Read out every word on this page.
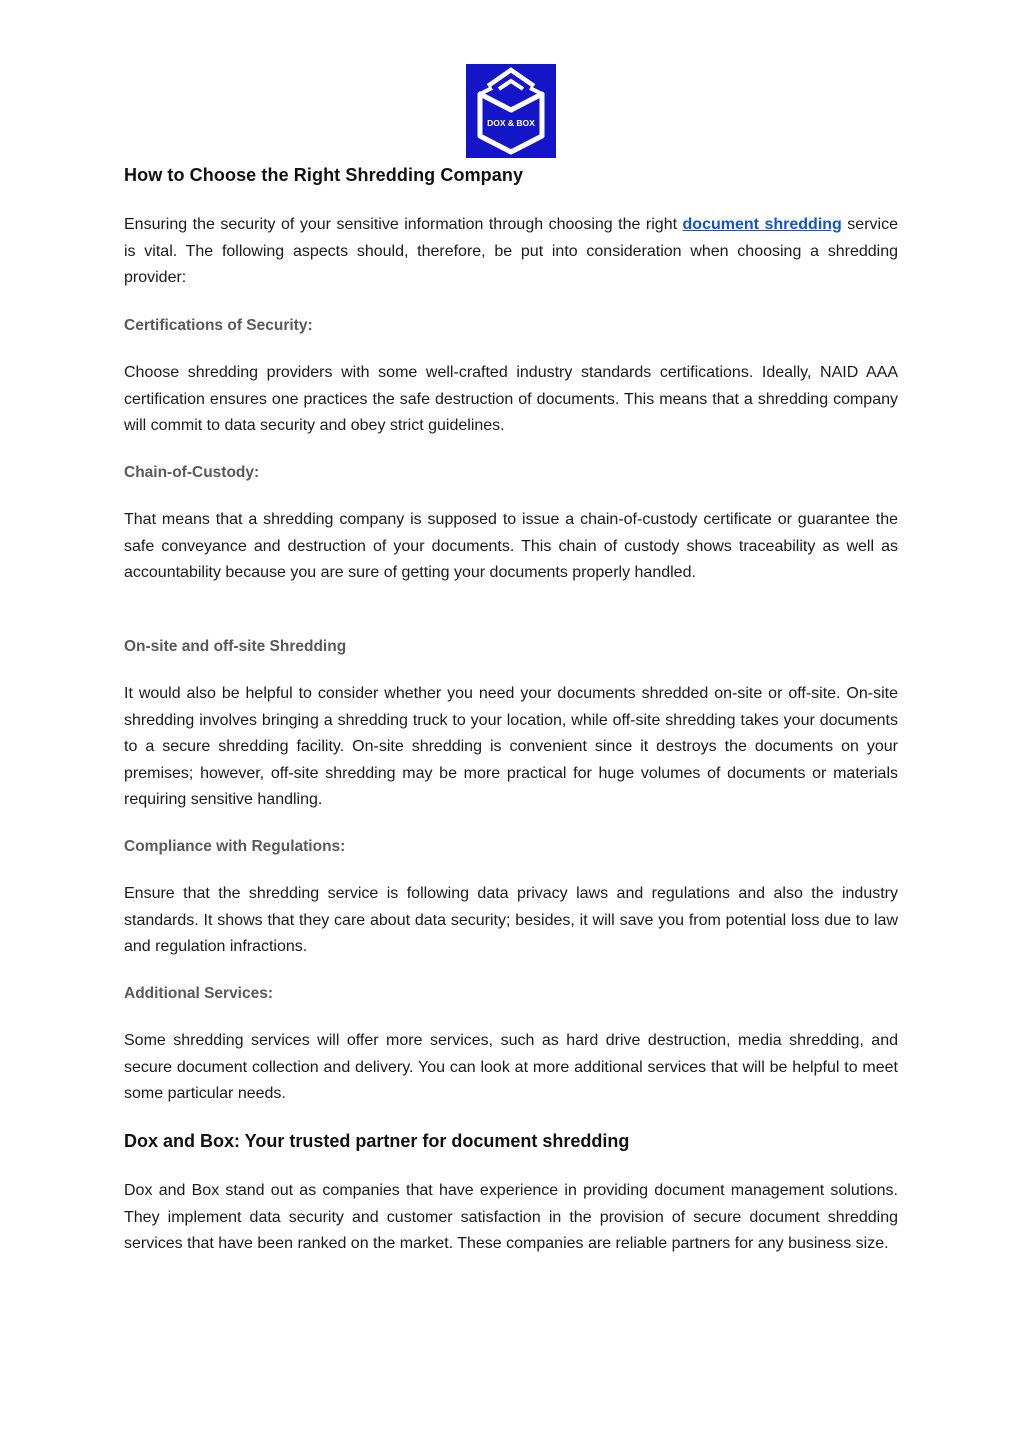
DOX & BOX
How to Choose the Right Shredding Company

Ensuring the security of your sensitive information through choosing the right document shredding service is vital. The following aspects should, therefore, be put into consideration when choosing a shredding provider:

Certifications of Security:

Choose shredding providers with some well-crafted industry standards certifications. Ideally, NAID AAA certification ensures one practices the safe destruction of documents. This means that a shredding company will commit to data security and obey strict guidelines.

Chain-of-Custody:

That means that a shredding company is supposed to issue a chain-of-custody certificate or guarantee the safe conveyance and destruction of your documents. This chain of custody shows traceability as well as accountability because you are sure of getting your documents properly handled.

On-site and off-site Shredding

It would also be helpful to consider whether you need your documents shredded on-site or off-site. On-site shredding involves bringing a shredding truck to your location, while off-site shredding takes your documents to a secure shredding facility. On-site shredding is convenient since it destroys the documents on your premises; however, off-site shredding may be more practical for huge volumes of documents or materials requiring sensitive handling.

Compliance with Regulations:

Ensure that the shredding service is following data privacy laws and regulations and also the industry standards. It shows that they care about data security; besides, it will save you from potential loss due to law and regulation infractions.

Additional Services:

Some shredding services will offer more services, such as hard drive destruction, media shredding, and secure document collection and delivery. You can look at more additional services that will be helpful to meet some particular needs.

Dox and Box: Your trusted partner for document shredding

Dox and Box stand out as companies that have experience in providing document management solutions. They implement data security and customer satisfaction in the provision of secure document shredding services that have been ranked on the market. These companies are reliable partners for any business size.
